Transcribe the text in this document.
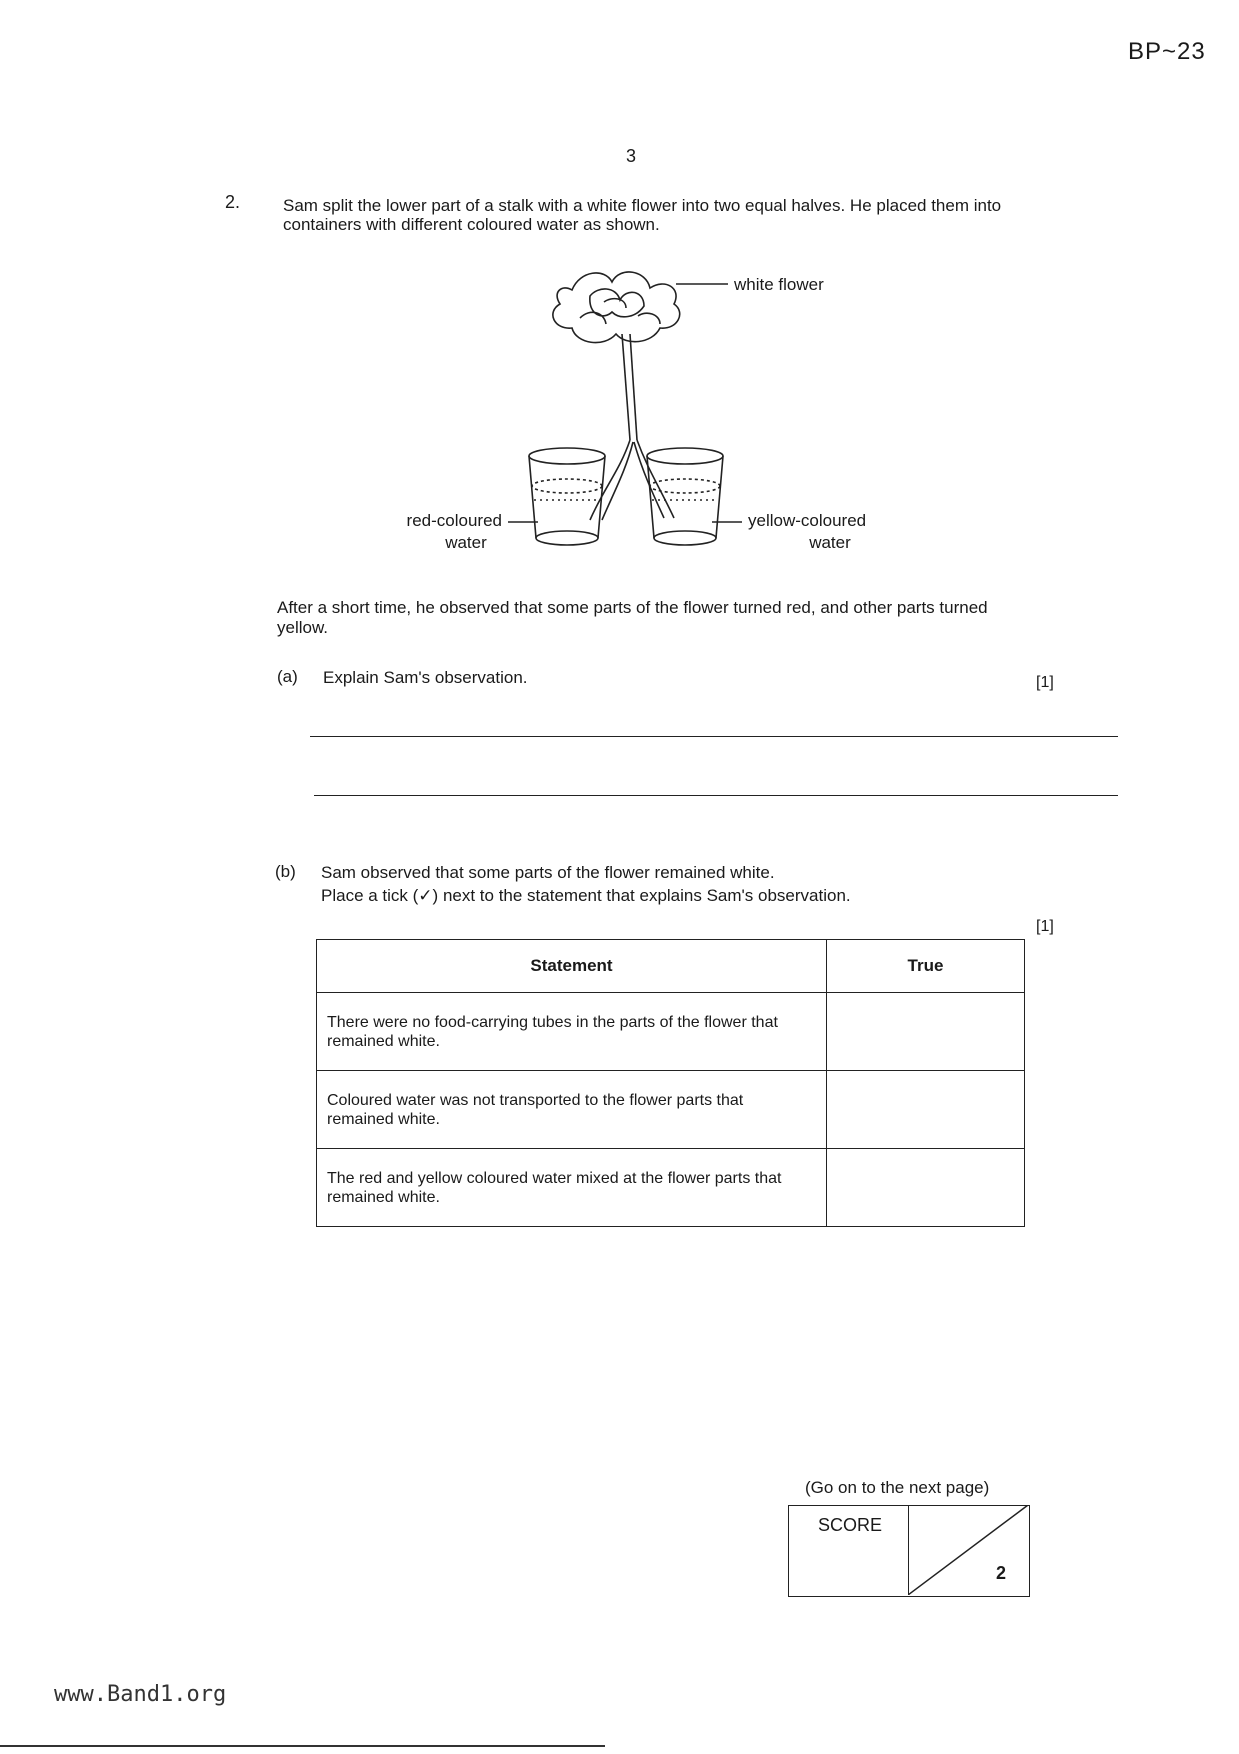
BP~23
3
2.	Sam split the lower part of a stalk with a white flower into two equal halves. He placed them into containers with different coloured water as shown.
white flower
red-coloured
water
yellow-coloured
water
After a short time, he observed that some parts of the flower turned red, and other parts turned yellow.
(a) Explain Sam's observation.	[1]
(b) Sam observed that some parts of the flower remained white.
Place a tick (✓) next to the statement that explains Sam's observation.
[1]
Statement	True
There were no food-carrying tubes in the parts of the flower that remained white.	
Coloured water was not transported to the flower parts that remained white.	
The red and yellow coloured water mixed at the flower parts that remained white.	
(Go on to the next page)
SCORE
2
www.Band1.org
